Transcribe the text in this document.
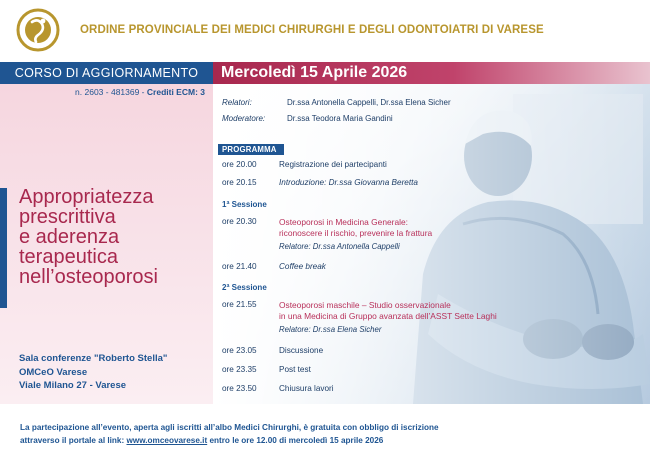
ORDINE PROVINCIALE DEI MEDICI CHIRURGHI E DEGLI ODONTOIATRI DI VARESE
CORSO DI AGGIORNAMENTO	Mercoledì 15 Aprile 2026
n. 2603 - 481369 - Crediti ECM: 3
Appropriatezza
prescrittiva
e aderenza
terapeutica
nell’osteoporosi
Sala conferenze "Roberto Stella"
OMCeO Varese
Viale Milano 27 - Varese
Relatori:	Dr.ssa Antonella Cappelli, Dr.ssa Elena Sicher
Moderatore:	Dr.ssa Teodora Maria Gandini
PROGRAMMA
ore 20.00	Registrazione dei partecipanti
ore 20.15	Introduzione: Dr.ssa Giovanna Beretta
1ª Sessione
ore 20.30	Osteoporosi in Medicina Generale:
riconoscere il rischio, prevenire la frattura
Relatore: Dr.ssa Antonella Cappelli
ore 21.40	Coffee break
2ª Sessione
ore 21.55	Osteoporosi maschile – Studio osservazionale
in una Medicina di Gruppo avanzata dell’ASST Sette Laghi
Relatore: Dr.ssa Elena Sicher
ore 23.05	Discussione
ore 23.35	Post test
ore 23.50	Chiusura lavori
La partecipazione all’evento, aperta agli iscritti all’albo Medici Chirurghi, è gratuita con obbligo di iscrizione
attraverso il portale al link: www.omceovarese.it entro le ore 12.00 di mercoledì 15 aprile 2026
